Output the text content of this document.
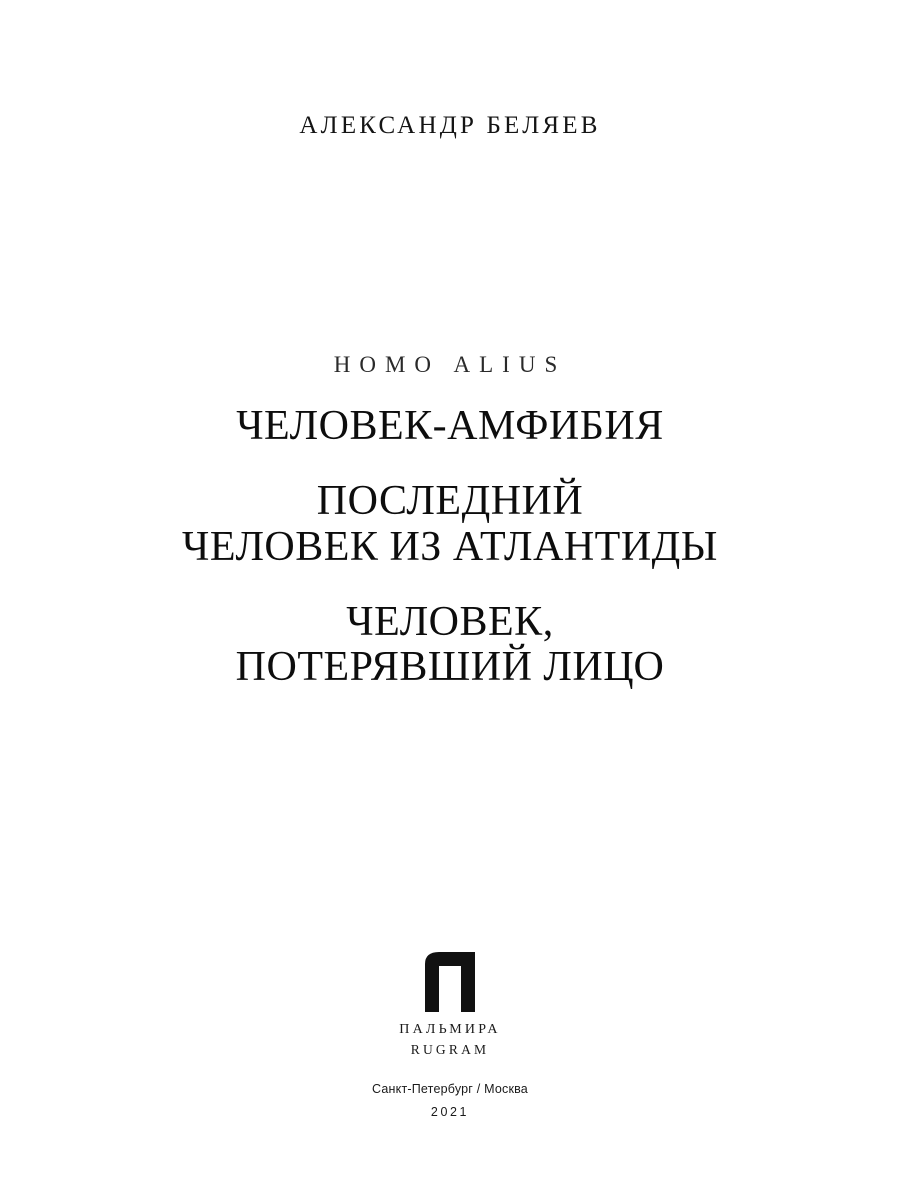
АЛЕКСАНДР БЕЛЯЕВ
HOMO ALIUS
ЧЕЛОВЕК-АМФИБИЯ
ПОСЛЕДНИЙ
ЧЕЛОВЕК ИЗ АТЛАНТИДЫ
ЧЕЛОВЕК,
ПОТЕРЯВШИЙ ЛИЦО
ПАЛЬМИРА
RUGRAM
Санкт-Петербург / Москва
2021
